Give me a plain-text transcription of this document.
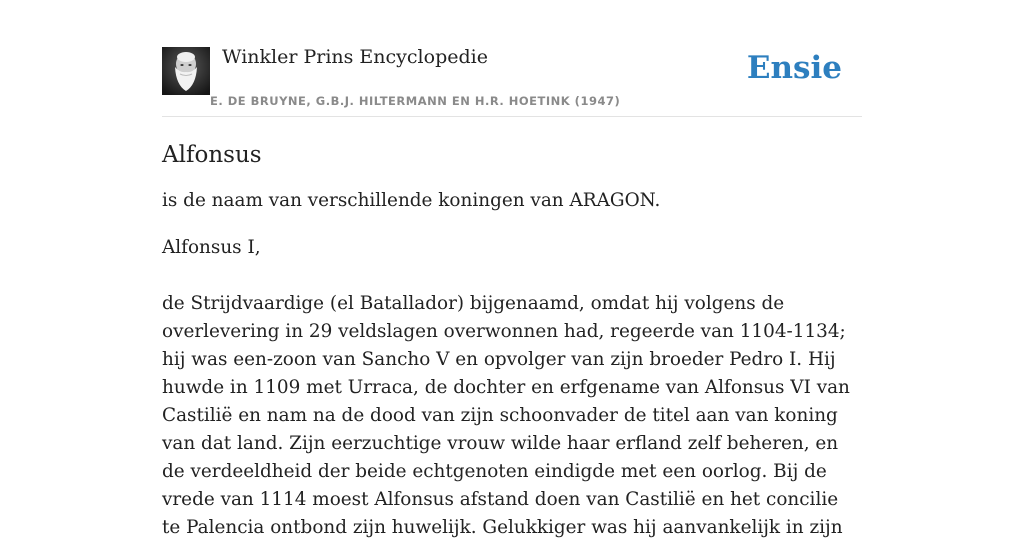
Winkler Prins Encyclopedie
E. DE BRUYNE, G.B.J. HILTERMANN EN H.R. HOETINK (1947)
Ensie
Alfonsus

is de naam van verschillende koningen van ARAGON.

Alfonsus I,

de Strijdvaardige (el Batallador) bijgenaamd, omdat hij volgens de overlevering in 29 veldslagen overwonnen had, regeerde van 1104-1134; hij was een-zoon van Sancho V en opvolger van zijn broeder Pedro I. Hij huwde in 1109 met Urraca, de dochter en erfgename van Alfonsus VI van Castilië en nam na de dood van zijn schoonvader de titel aan van koning van dat land. Zijn eerzuchtige vrouw wilde haar erfland zelf beheren, en de verdeeldheid der beide echtgenoten eindigde met een oorlog. Bij de vrede van 1114 moest Alfonsus afstand doen van Castilië en het concilie te Palencia ontbond zijn huwelijk. Gelukkiger was hij aanvankelijk in zijn
